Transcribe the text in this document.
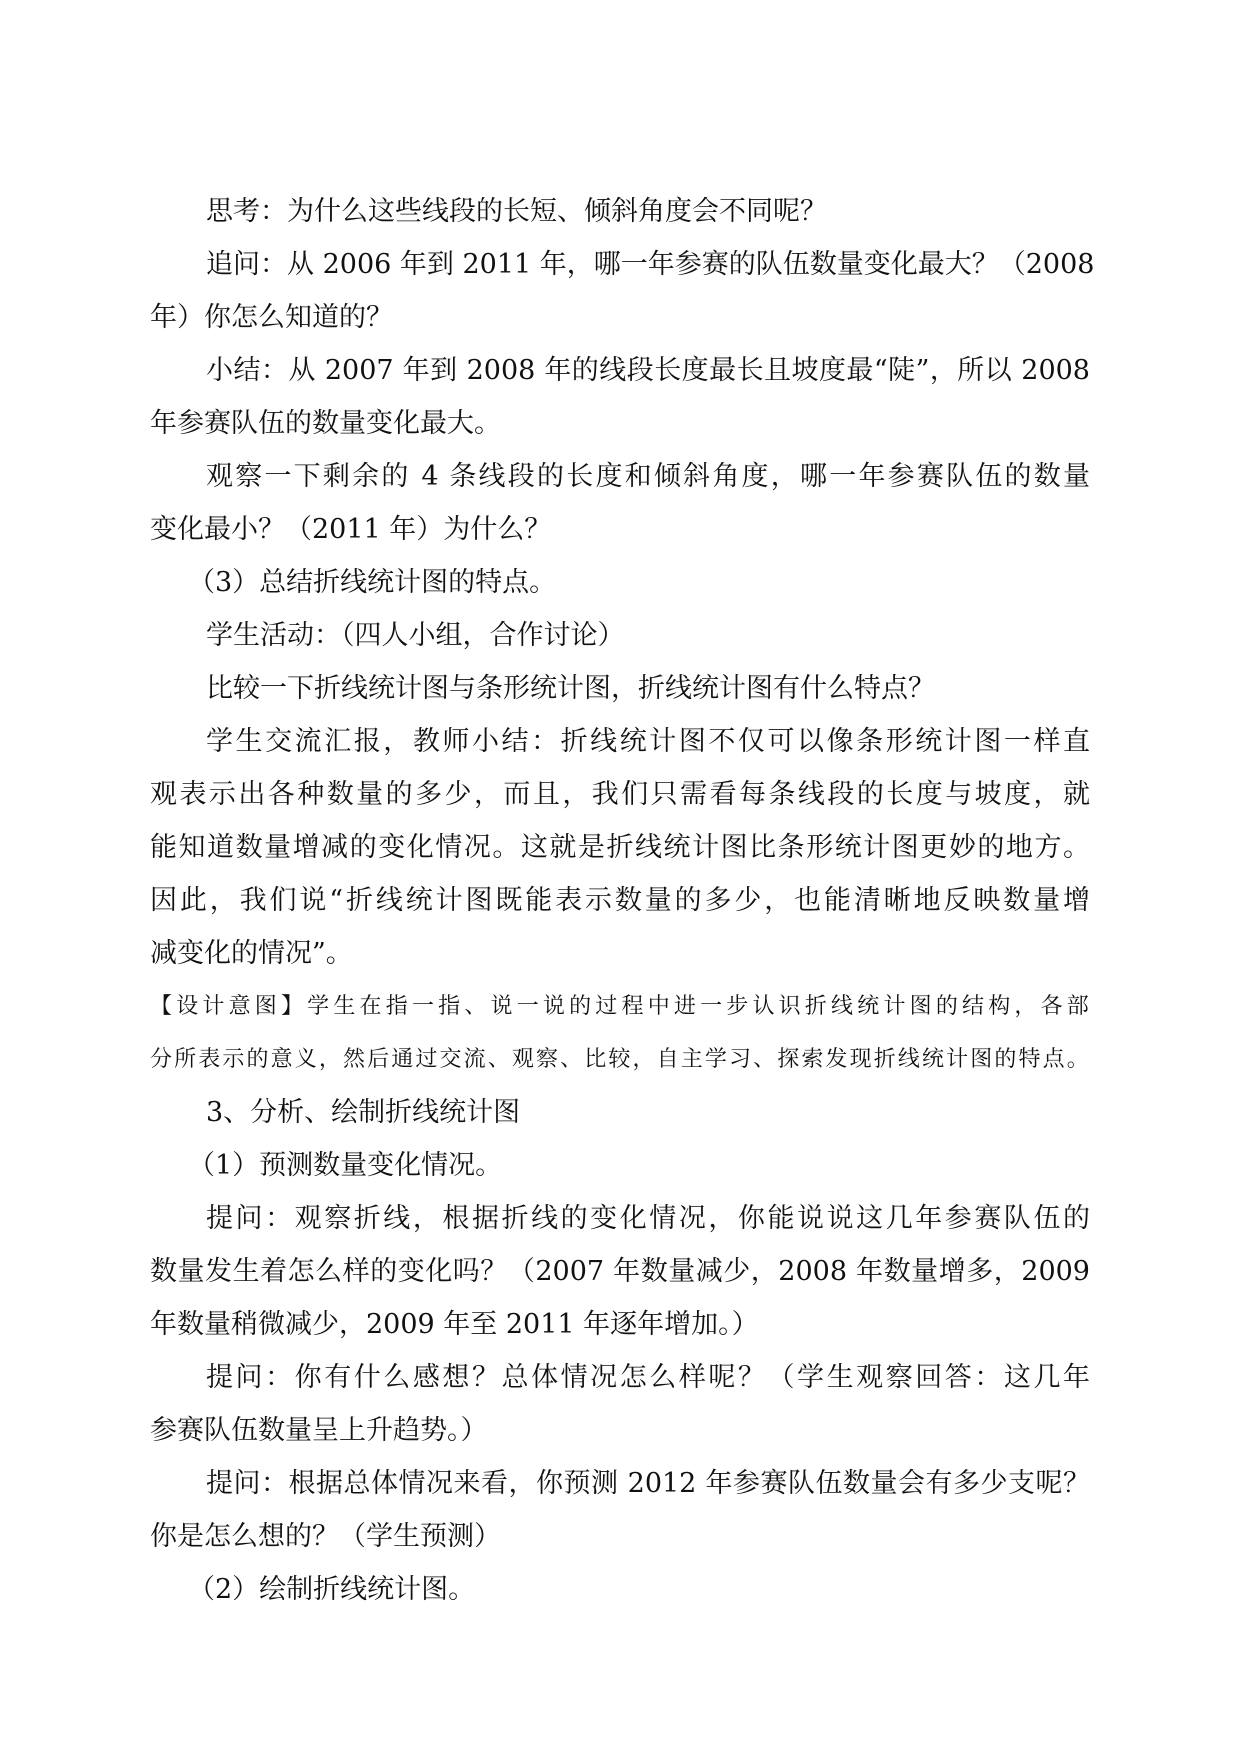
思考：为什么这些线段的长短、倾斜角度会不同呢？
追问：从 2006 年到 2011 年，哪一年参赛的队伍数量变化最大？（2008
年）你怎么知道的？
小结：从 2007 年到 2008 年的线段长度最长且坡度最“陡”，所以 2008
年参赛队伍的数量变化最大。
观察一下剩余的 4 条线段的长度和倾斜角度，哪一年参赛队伍的数量
变化最小？（2011 年）为什么？
（3）总结折线统计图的特点。
学生活动：（四人小组，合作讨论）
比较一下折线统计图与条形统计图，折线统计图有什么特点？
学生交流汇报，教师小结：折线统计图不仅可以像条形统计图一样直
观表示出各种数量的多少，而且，我们只需看每条线段的长度与坡度，就
能知道数量增减的变化情况。这就是折线统计图比条形统计图更妙的地方。
因此，我们说“折线统计图既能表示数量的多少，也能清晰地反映数量增
减变化的情况”。
【设计意图】学生在指一指、说一说的过程中进一步认识折线统计图的结构，各部
分所表示的意义，然后通过交流、观察、比较，自主学习、探索发现折线统计图的特点。
3、分析、绘制折线统计图
（1）预测数量变化情况。
提问：观察折线，根据折线的变化情况，你能说说这几年参赛队伍的
数量发生着怎么样的变化吗？（2007 年数量减少，2008 年数量增多，2009
年数量稍微减少，2009 年至 2011 年逐年增加。）
提问：你有什么感想？总体情况怎么样呢？（学生观察回答：这几年
参赛队伍数量呈上升趋势。）
提问：根据总体情况来看，你预测 2012 年参赛队伍数量会有多少支呢？
你是怎么想的？（学生预测）
（2）绘制折线统计图。
